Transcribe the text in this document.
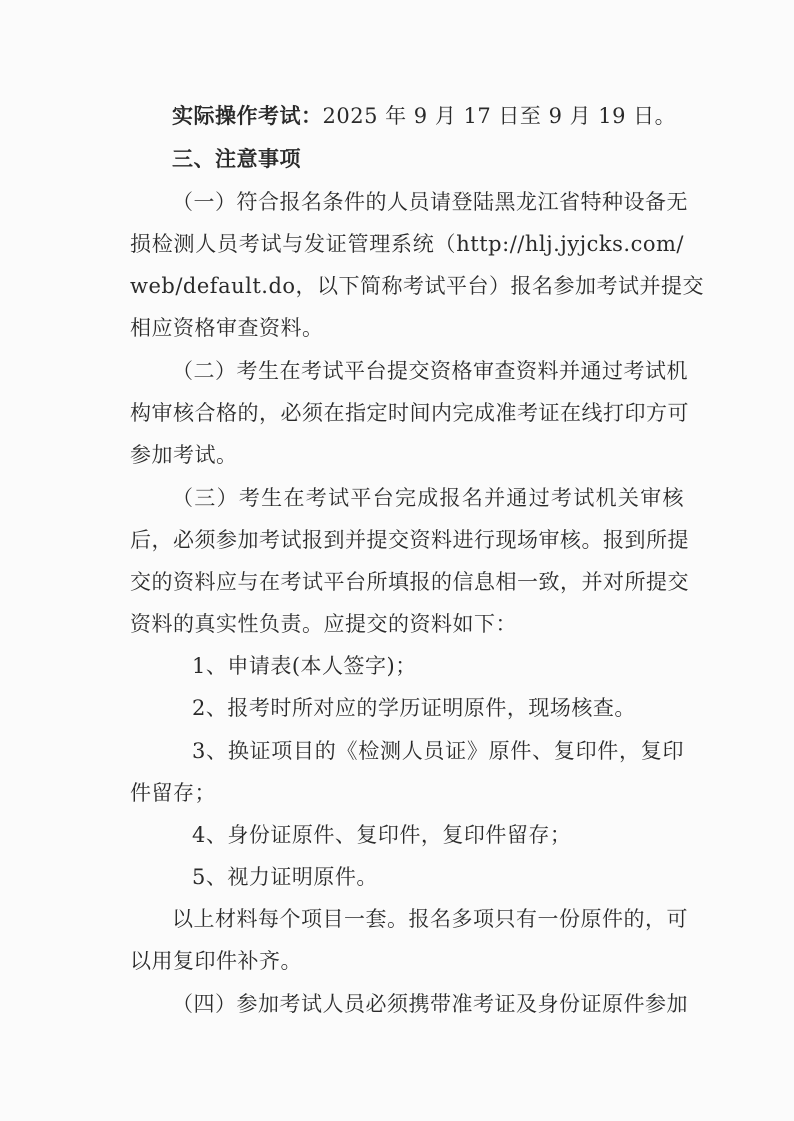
实际操作考试：2025 年 9 月 17 日至 9 月 19 日。
三、注意事项
（一）符合报名条件的人员请登陆黑龙江省特种设备无
损检测人员考试与发证管理系统（http://hlj.jyjcks.com/
web/default.do，以下简称考试平台）报名参加考试并提交
相应资格审查资料。
（二）考生在考试平台提交资格审查资料并通过考试机
构审核合格的，必须在指定时间内完成准考证在线打印方可
参加考试。
（三）考生在考试平台完成报名并通过考试机关审核
后，必须参加考试报到并提交资料进行现场审核。报到所提
交的资料应与在考试平台所填报的信息相一致，并对所提交
资料的真实性负责。应提交的资料如下：
1、申请表(本人签字)；
2、报考时所对应的学历证明原件，现场核查。
3、换证项目的《检测人员证》原件、复印件，复印
件留存；
4、身份证原件、复印件，复印件留存；
5、视力证明原件。
以上材料每个项目一套。报名多项只有一份原件的，可
以用复印件补齐。
（四）参加考试人员必须携带准考证及身份证原件参加
